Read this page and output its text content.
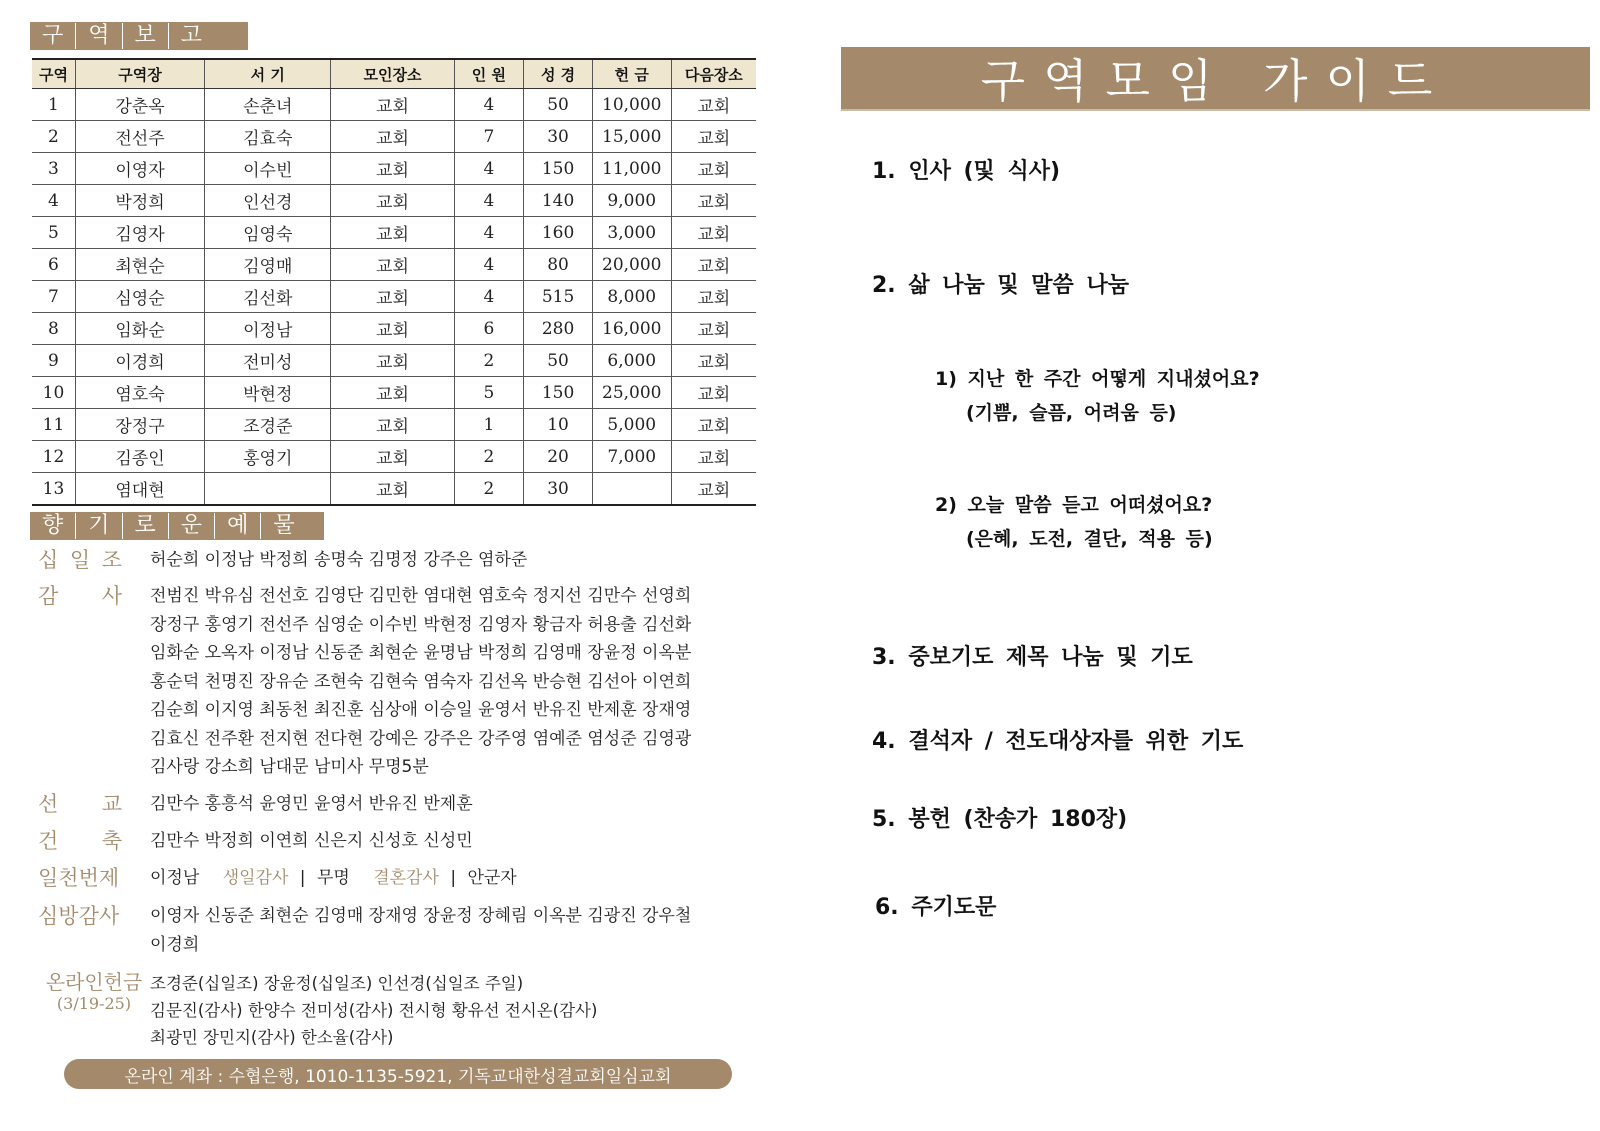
구	역	보	고
구역	구역장	서 기	모인장소	인 원	성 경	헌 금	다음장소
1	강춘옥	손춘녀	교회	4	50	10,000	교회
2	전선주	김효숙	교회	7	30	15,000	교회
3	이영자	이수빈	교회	4	150	11,000	교회
4	박정희	인선경	교회	4	140	9,000	교회
5	김영자	임영숙	교회	4	160	3,000	교회
6	최현순	김영매	교회	4	80	20,000	교회
7	심영순	김선화	교회	4	515	8,000	교회
8	임화순	이정남	교회	6	280	16,000	교회
9	이경희	전미성	교회	2	50	6,000	교회
10	염호숙	박현정	교회	5	150	25,000	교회
11	장정구	조경준	교회	1	10	5,000	교회
12	김종인	홍영기	교회	2	20	7,000	교회
13	염대현		교회	2	30		교회
향	기	로	운	예	물
십 일 조 허순희 이정남 박정희 송명숙 김명정 강주은 염하준
감 사 전범진 박유심 전선호 김영단 김민한 염대현 염호숙 정지선 김만수 선영희
장정구 홍영기 전선주 심영순 이수빈 박현정 김영자 황금자 허용출 김선화
임화순 오옥자 이정남 신동준 최현순 윤명남 박정희 김영매 장윤정 이옥분
홍순덕 천명진 장유순 조현숙 김현숙 염숙자 김선옥 반승현 김선아 이연희
김순희 이지영 최동천 최진훈 심상애 이승일 윤영서 반유진 반제훈 장재영
김효신 전주환 전지현 전다현 강예은 강주은 강주영 염예준 염성준 김영광
김사랑 강소희 남대문 남미사 무명5분
선 교 김만수 홍흥석 윤영민 윤영서 반유진 반제훈
건 축 김만수 박정희 이연희 신은지 신성호 신성민
일천번제	이정남 생일감사 | 무명 결혼감사 | 안군자
심방감사	이영자 신동준 최현순 김영매 장재영 장윤정 장혜림 이옥분 김광진 강우철
이경희
온라인헌금
(3/19-25)
조경준(십일조) 장윤정(십일조) 인선경(십일조 주일)
김문진(감사) 한양수 전미성(감사) 전시형 황유선 전시온(감사)
최광민 장민지(감사) 한소율(감사)
온라인 계좌 : 수협은행, 1010-1135-5921, 기독교대한성결교회일심교회
구역모임 가이드
1. 인사 (및 식사)
2. 삶 나눔 및 말씀 나눔
1) 지난 한 주간 어떻게 지내셨어요?
(기쁨, 슬픔, 어려움 등)
2) 오늘 말씀 듣고 어떠셨어요?
(은혜, 도전, 결단, 적용 등)
3. 중보기도 제목 나눔 및 기도
4. 결석자 / 전도대상자를 위한 기도
5. 봉헌 (찬송가 180장)
6. 주기도문
